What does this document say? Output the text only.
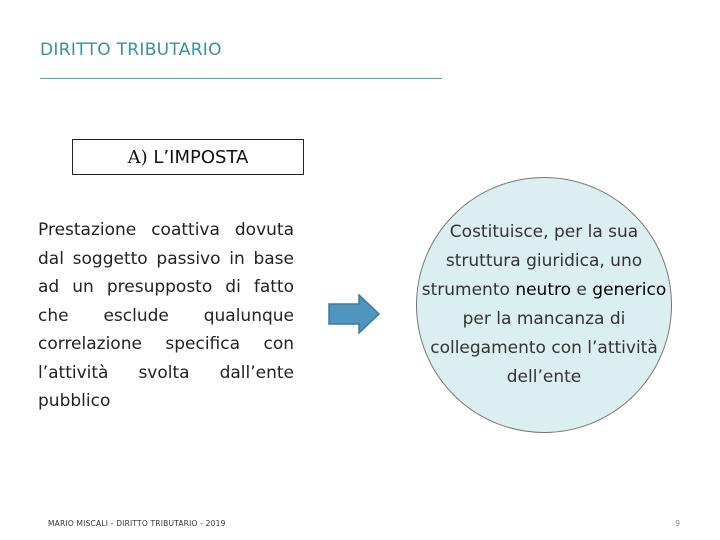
DIRITTO TRIBUTARIO
A)
L’IMPOSTA
Prestazione coattiva dovuta dal soggetto passivo in base ad un presupposto di fatto che esclude qualunque correlazione specifica con l’attività svolta dall’ente pubblico
Costituisce, per la sua struttura giuridica, uno strumento neutro e generico per la mancanza di collegamento con l’attività dell’ente
MARIO MISCALI - DIRITTO TRIBUTARIO - 2019	9
